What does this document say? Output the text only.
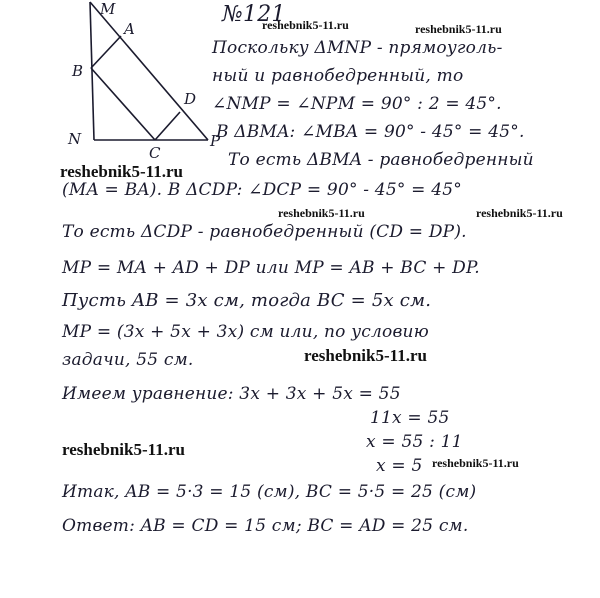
M
A
B
D
N
C
P
№121
Поскольку ΔMNP - прямоуголь-
ный и равнобедренный, то
∠NMP = ∠NPM = 90° : 2 = 45°.
В ΔBMA: ∠MBA = 90° - 45° = 45°.
То есть ΔBMA - равнобедренный
(MA = BA). В ΔCDP: ∠DCP = 90° - 45° = 45°
То есть ΔCDP - равнобедренный (CD = DP).
MP = MA + AD + DP или MP = AB + BC + DP.
Пусть AB = 3x см, тогда BC = 5x см.
MP = (3x + 5x + 3x) см или, по условию
задачи, 55 см.
Имеем уравнение: 3x + 3x + 5x = 55
11x = 55
x = 55 : 11
x = 5
Итак, AB = 5·3 = 15 (см), BC = 5·5 = 25 (см)
Ответ: AB = CD = 15 см; BC = AD = 25 см.
reshebnik5-11.ru	reshebnik5-11.ru
reshebnik5-11.ru
reshebnik5-11.ru	reshebnik5-11.ru
reshebnik5-11.ru
reshebnik5-11.ru
reshebnik5-11.ru
